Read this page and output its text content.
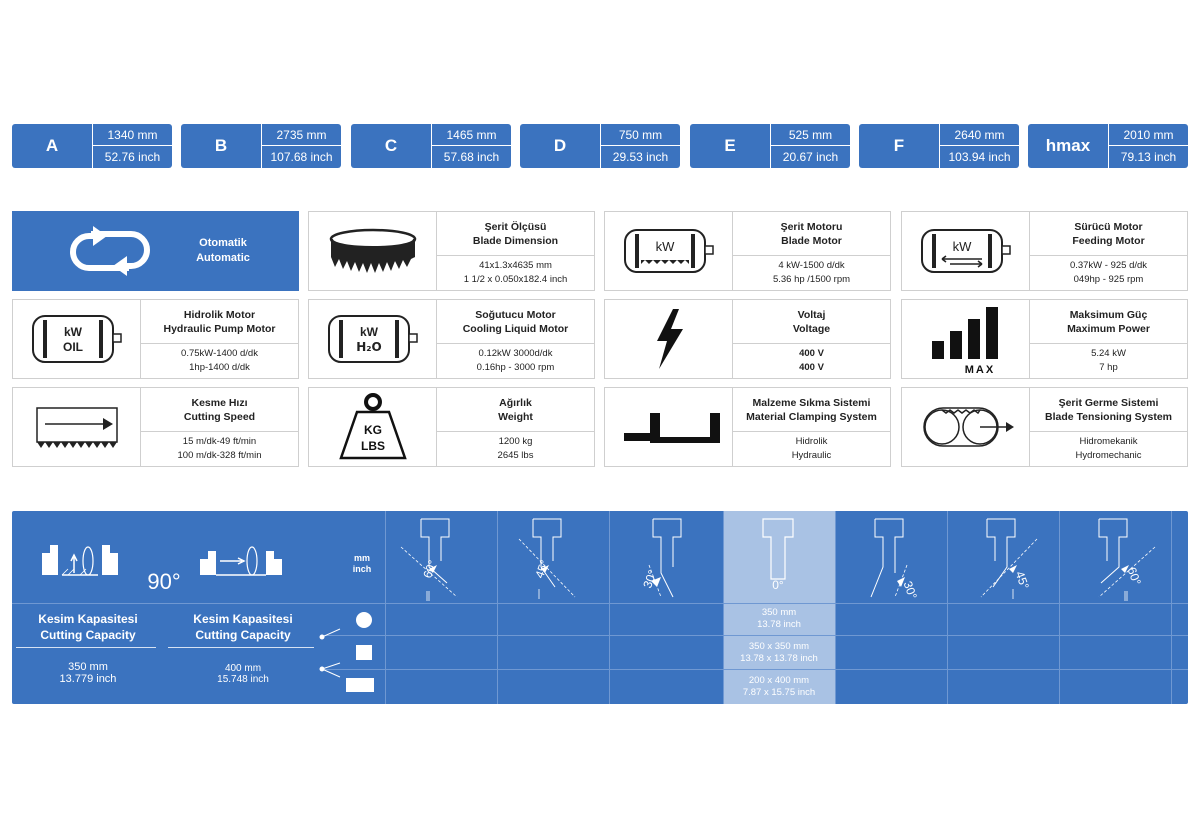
A
1340 mm
52.76 inch
B
2735 mm
107.68 inch
C
1465 mm
57.68 inch
D
750 mm
29.53 inch
E
525 mm
20.67 inch
F
2640 mm
103.94 inch
hmax
2010 mm
79.13 inch
Otomatik
Automatic
Şerit Ölçüsü
Blade Dimension
41x1.3x4635 mm
1 1/2 x 0.050x182.4 inch
kW
Şerit Motoru
Blade Motor
4 kW-1500 d/dk
5.36 hp /1500 rpm
kW
Sürücü Motor
Feeding Motor
0.37kW - 925 d/dk
049hp - 925 rpm
kW
OIL
Hidrolik Motor
Hydraulic Pump Motor
0.75kW-1400 d/dk
1hp-1400 d/dk
kW
H₂O
Soğutucu Motor
Cooling Liquid Motor
0.12kW 3000d/dk
0.16hp - 3000 rpm
Voltaj
Voltage
400 V
400 V	MAX
Maksimum Güç
Maximum Power
5.24 kW
7 hp
Kesme Hızı
Cutting Speed
15 m/dk-49 ft/min
100 m/dk-328 ft/min
KG
LBS
Ağırlık
Weight
1200 kg
2645 lbs
Malzeme Sıkma Sistemi
Material Clamping System
Hidrolik
Hydraulic
Şerit Germe Sistemi
Blade Tensioning System
Hidromekanik
Hydromechanic
90°
mm
inch
Kesim Kapasitesi
Cutting Capacity
Kesim Kapasitesi
Cutting Capacity
350 mm
13.779 inch
400 mm
15.748 inch
60°	45°	30°	0°	30°	45°	60°
350 mm
13.78 inch
350 x 350 mm
13.78 x 13.78 inch
200 x 400 mm
7.87 x 15.75 inch
